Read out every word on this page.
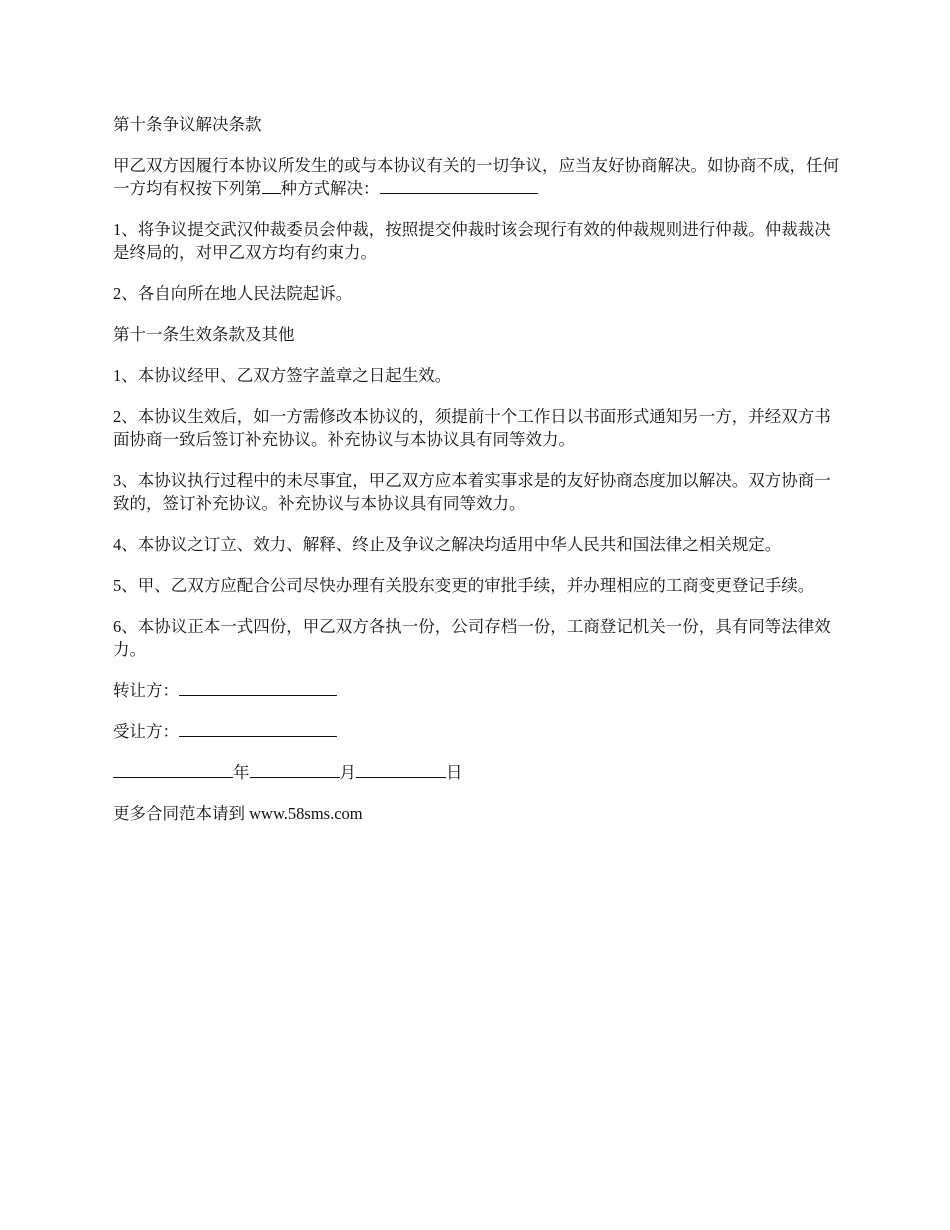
第十条争议解决条款

甲乙双方因履行本协议所发生的或与本协议有关的一切争议，应当友好协商解决。如协商不成，任何一方均有权按下列第 种方式解决：

1、将争议提交武汉仲裁委员会仲裁，按照提交仲裁时该会现行有效的仲裁规则进行仲裁。仲裁裁决是终局的，对甲乙双方均有约束力。

2、各自向所在地人民法院起诉。

第十一条生效条款及其他

1、本协议经甲、乙双方签字盖章之日起生效。

2、本协议生效后，如一方需修改本协议的，须提前十个工作日以书面形式通知另一方，并经双方书面协商一致后签订补充协议。补充协议与本协议具有同等效力。

3、本协议执行过程中的未尽事宜，甲乙双方应本着实事求是的友好协商态度加以解决。双方协商一致的，签订补充协议。补充协议与本协议具有同等效力。

4、本协议之订立、效力、解释、终止及争议之解决均适用中华人民共和国法律之相关规定。

5、甲、乙双方应配合公司尽快办理有关股东变更的审批手续，并办理相应的工商变更登记手续。

6、本协议正本一式四份，甲乙双方各执一份，公司存档一份，工商登记机关一份，具有同等法律效力。

转让方：

受让方：

年	月	日

更多合同范本请到 www.58sms.com
